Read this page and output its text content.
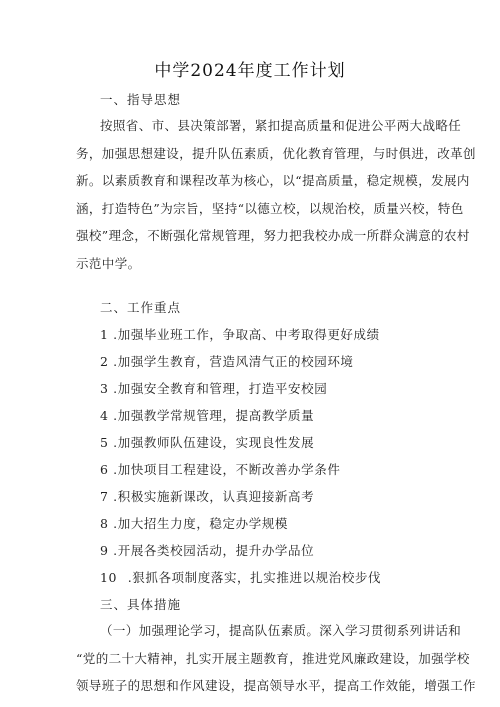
中学2024年度工作计划
一、指导思想
按照省、市、县决策部署，紧扣提高质量和促进公平两大战略任
务，加强思想建设，提升队伍素质，优化教育管理，与时俱进，改革创
新。以素质教育和课程改革为核心，以“提高质量，稳定规模，发展内
涵，打造特色”为宗旨，坚持“以德立校，以规治校，质量兴校，特色
强校”理念，不断强化常规管理，努力把我校办成一所群众满意的农村
示范中学。
二、工作重点
1 .加强毕业班工作，争取高、中考取得更好成绩
2 .加强学生教育，营造风清气正的校园环境
3 .加强安全教育和管理，打造平安校园
4 .加强教学常规管理，提高教学质量
5 .加强教师队伍建设，实现良性发展
6 .加快项目工程建设，不断改善办学条件
7 .积极实施新课改，认真迎接新高考
8 .加大招生力度，稳定办学规模
9 .开展各类校园活动，提升办学品位
10 .狠抓各项制度落实，扎实推进以规治校步伐
三、具体措施
（一）加强理论学习，提高队伍素质。深入学习贯彻系列讲话和
“党的二十大精神，扎实开展主题教育，推进党风廉政建设，加强学校
领导班子的思想和作风建设，提高领导水平，提高工作效能，增强工作
